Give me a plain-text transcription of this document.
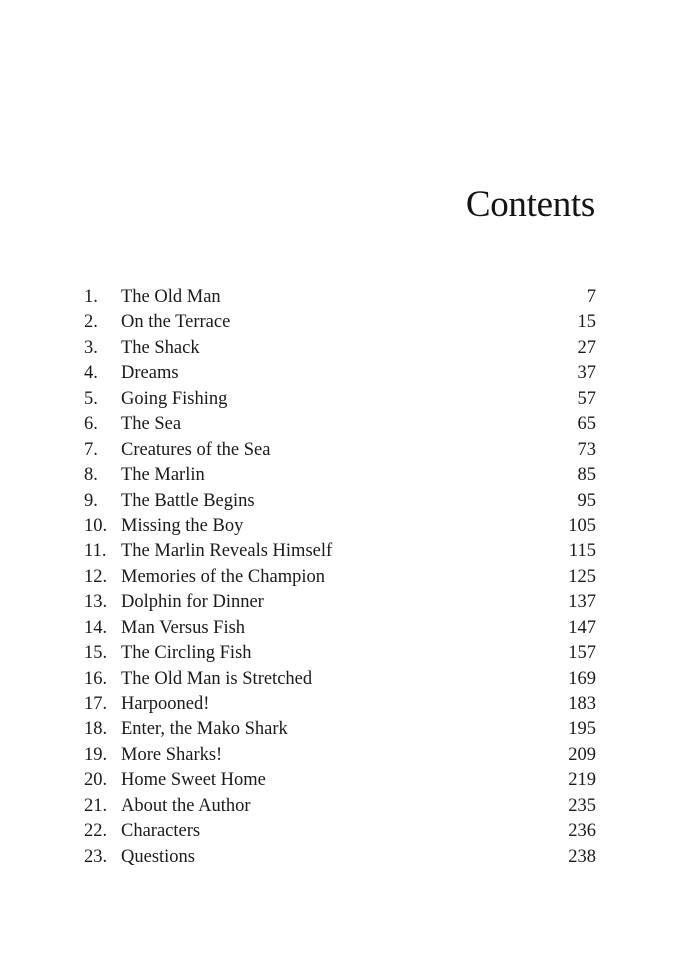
Contents
1. The Old Man	7
2. On the Terrace	15
3. The Shack	27
4. Dreams	37
5. Going Fishing	57
6. The Sea	65
7. Creatures of the Sea	73
8. The Marlin	85
9. The Battle Begins	95
10. Missing the Boy	105
11. The Marlin Reveals Himself	115
12. Memories of the Champion	125
13. Dolphin for Dinner	137
14. Man Versus Fish	147
15. The Circling Fish	157
16. The Old Man is Stretched	169
17. Harpooned!	183
18. Enter, the Mako Shark	195
19. More Sharks!	209
20. Home Sweet Home	219
21. About the Author	235
22. Characters	236
23. Questions	238
